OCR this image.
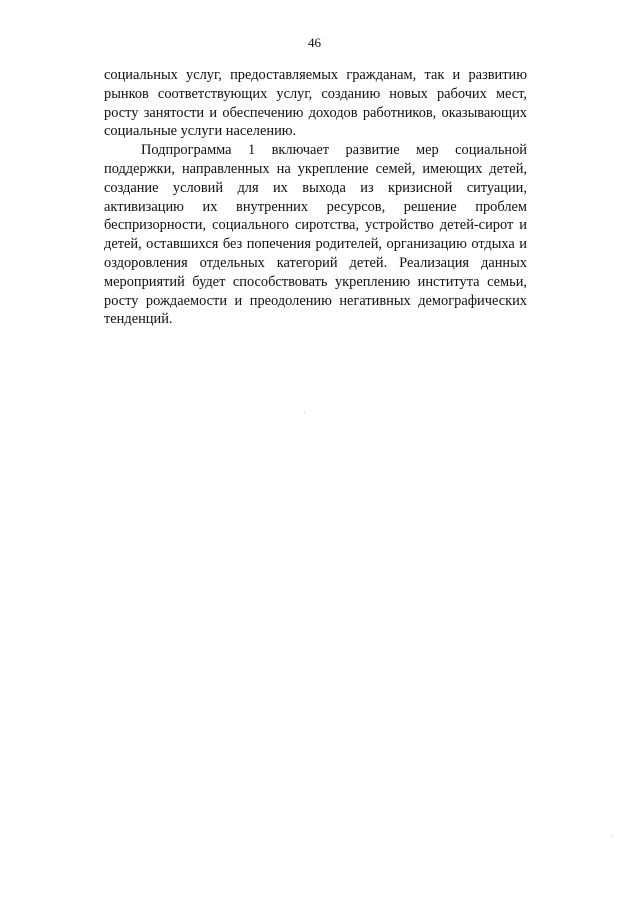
46

социальных услуг, предоставляемых гражданам, так и развитию рынков соответствующих услуг, созданию новых рабочих мест, росту занятости и обеспечению доходов работников, оказывающих социальные услуги населению.

Подпрограмма 1 включает развитие мер социальной поддержки, направленных на укрепление семей, имеющих детей, создание условий для их выхода из кризисной ситуации, активизацию их внутренних ресурсов, решение проблем беспризорности, социального сиротства, устройство детей-сирот и детей, оставшихся без попечения родителей, организацию отдыха и оздоровления отдельных категорий детей. Реализация данных мероприятий будет способствовать укреплению института семьи, росту рождаемости и преодолению негативных демографических тенденций.
